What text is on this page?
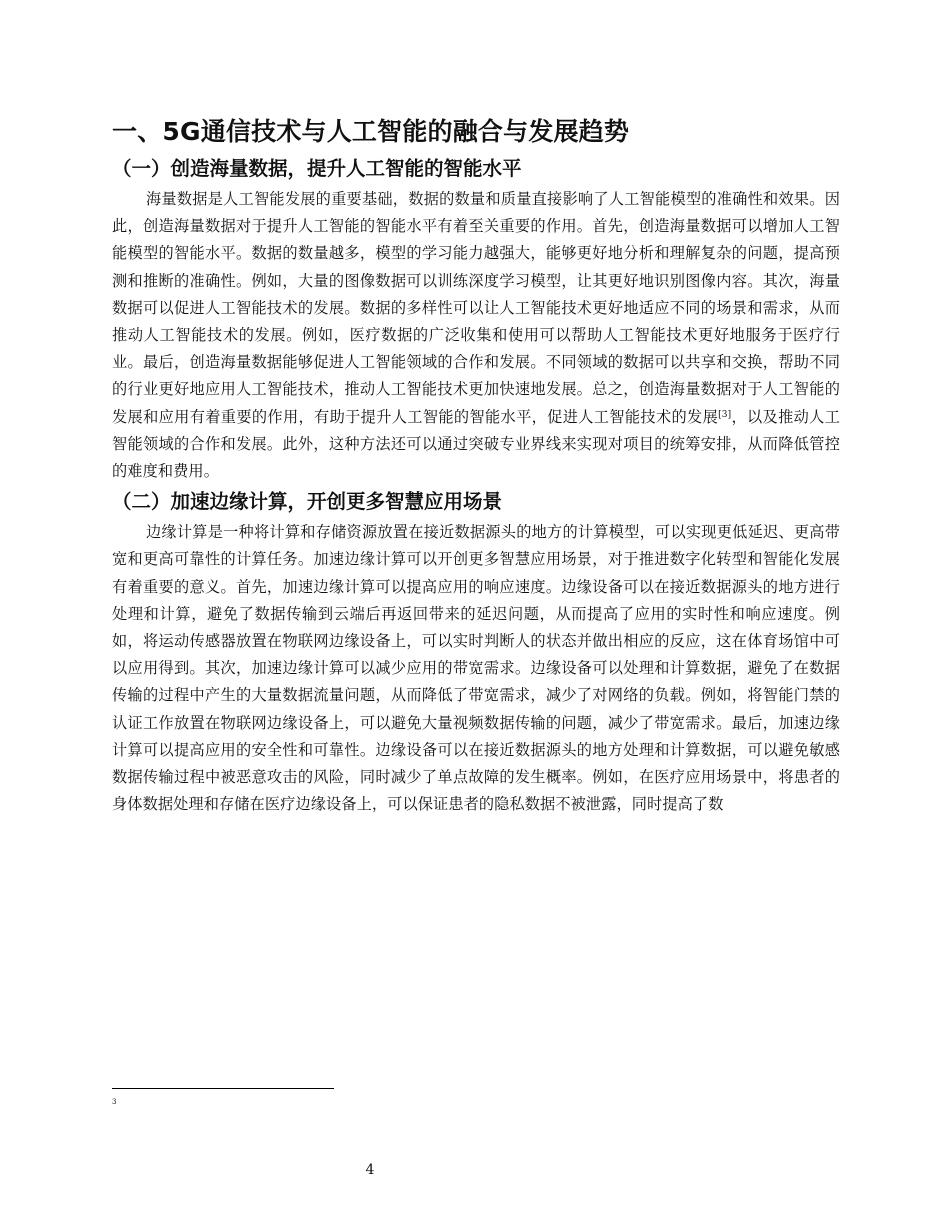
一、5G通信技术与人工智能的融合与发展趋势
（一）创造海量数据，提升人工智能的智能水平

海量数据是人工智能发展的重要基础，数据的数量和质量直接影响了人工智能模型的准确性和效果。因此，创造海量数据对于提升人工智能的智能水平有着至关重要的作用。首先，创造海量数据可以增加人工智能模型的智能水平。数据的数量越多，模型的学习能力越强大，能够更好地分析和理解复杂的问题，提高预测和推断的准确性。例如，大量的图像数据可以训练深度学习模型，让其更好地识别图像内容。其次，海量数据可以促进人工智能技术的发展。数据的多样性可以让人工智能技术更好地适应不同的场景和需求，从而推动人工智能技术的发展。例如，医疗数据的广泛收集和使用可以帮助人工智能技术更好地服务于医疗行业。最后，创造海量数据能够促进人工智能领域的合作和发展。不同领域的数据可以共享和交换，帮助不同的行业更好地应用人工智能技术，推动人工智能技术更加快速地发展。总之，创造海量数据对于人工智能的发展和应用有着重要的作用，有助于提升人工智能的智能水平，促进人工智能技术的发展[3]，以及推动人工智能领域的合作和发展。此外，这种方法还可以通过突破专业界线来实现对项目的统筹安排，从而降低管控的难度和费用。

（二）加速边缘计算，开创更多智慧应用场景

边缘计算是一种将计算和存储资源放置在接近数据源头的地方的计算模型，可以实现更低延迟、更高带宽和更高可靠性的计算任务。加速边缘计算可以开创更多智慧应用场景，对于推进数字化转型和智能化发展有着重要的意义。首先，加速边缘计算可以提高应用的响应速度。边缘设备可以在接近数据源头的地方进行处理和计算，避免了数据传输到云端后再返回带来的延迟问题，从而提高了应用的实时性和响应速度。例如，将运动传感器放置在物联网边缘设备上，可以实时判断人的状态并做出相应的反应，这在体育场馆中可以应用得到。其次，加速边缘计算可以减少应用的带宽需求。边缘设备可以处理和计算数据，避免了在数据传输的过程中产生的大量数据流量问题，从而降低了带宽需求，减少了对网络的负载。例如，将智能门禁的认证工作放置在物联网边缘设备上，可以避免大量视频数据传输的问题，减少了带宽需求。最后，加速边缘计算可以提高应用的安全性和可靠性。边缘设备可以在接近数据源头的地方处理和计算数据，可以避免敏感数据传输过程中被恶意攻击的风险，同时减少了单点故障的发生概率。例如，在医疗应用场景中，将患者的身体数据处理和存储在医疗边缘设备上，可以保证患者的隐私数据不被泄露，同时提高了数

3
4
